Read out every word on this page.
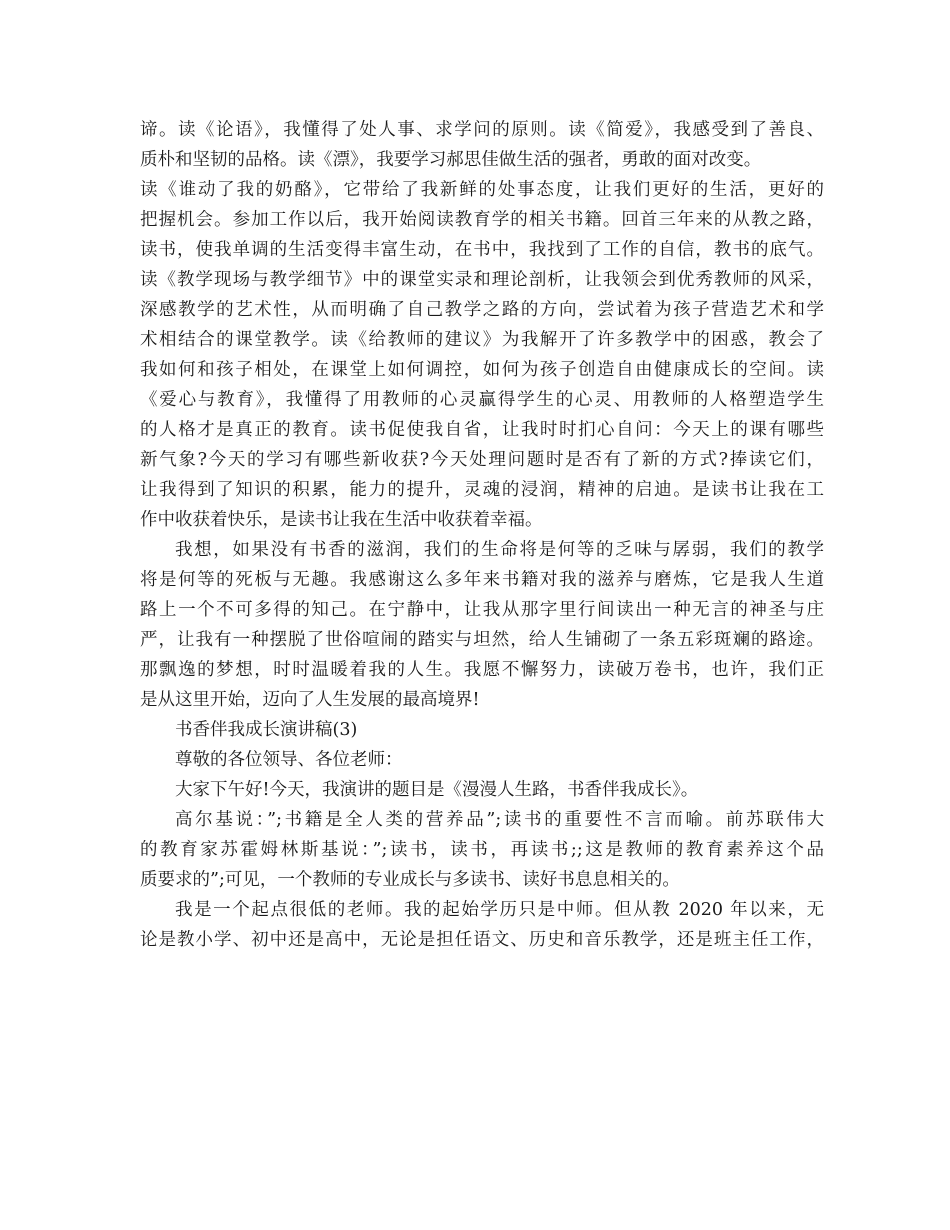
谛。读《论语》，我懂得了处人事、求学问的原则。读《简爱》，我感受到了善良、
质朴和坚韧的品格。读《漂》，我要学习郝思佳做生活的强者，勇敢的面对改变。
读《谁动了我的奶酪》，它带给了我新鲜的处事态度，让我们更好的生活，更好的
把握机会。参加工作以后，我开始阅读教育学的相关书籍。回首三年来的从教之路，
读书，使我单调的生活变得丰富生动，在书中，我找到了工作的自信，教书的底气。
读《教学现场与教学细节》中的课堂实录和理论剖析，让我领会到优秀教师的风采，
深感教学的艺术性，从而明确了自己教学之路的方向，尝试着为孩子营造艺术和学
术相结合的课堂教学。读《给教师的建议》为我解开了许多教学中的困惑，教会了
我如何和孩子相处，在课堂上如何调控，如何为孩子创造自由健康成长的空间。读
《爱心与教育》，我懂得了用教师的心灵赢得学生的心灵、用教师的人格塑造学生
的人格才是真正的教育。读书促使我自省，让我时时扪心自问：今天上的课有哪些
新气象?今天的学习有哪些新收获?今天处理问题时是否有了新的方式?捧读它们，
让我得到了知识的积累，能力的提升，灵魂的浸润，精神的启迪。是读书让我在工
作中收获着快乐，是读书让我在生活中收获着幸福。
我想，如果没有书香的滋润，我们的生命将是何等的乏味与孱弱，我们的教学
将是何等的死板与无趣。我感谢这么多年来书籍对我的滋养与磨炼，它是我人生道
路上一个不可多得的知己。在宁静中，让我从那字里行间读出一种无言的神圣与庄
严，让我有一种摆脱了世俗喧闹的踏实与坦然，给人生铺砌了一条五彩斑斓的路途。
那飘逸的梦想，时时温暖着我的人生。我愿不懈努力，读破万卷书，也许，我们正
是从这里开始，迈向了人生发展的最高境界!
书香伴我成长演讲稿(3)
尊敬的各位领导、各位老师：
大家下午好!今天，我演讲的题目是《漫漫人生路，书香伴我成长》。
高尔基说：”;书籍是全人类的营养品”;读书的重要性不言而喻。前苏联伟大
的教育家苏霍姆林斯基说：”;读书，读书，再读书;;这是教师的教育素养这个品
质要求的”;可见，一个教师的专业成长与多读书、读好书息息相关的。
我是一个起点很低的老师。我的起始学历只是中师。但从教 2020 年以来，无
论是教小学、初中还是高中，无论是担任语文、历史和音乐教学，还是班主任工作，
